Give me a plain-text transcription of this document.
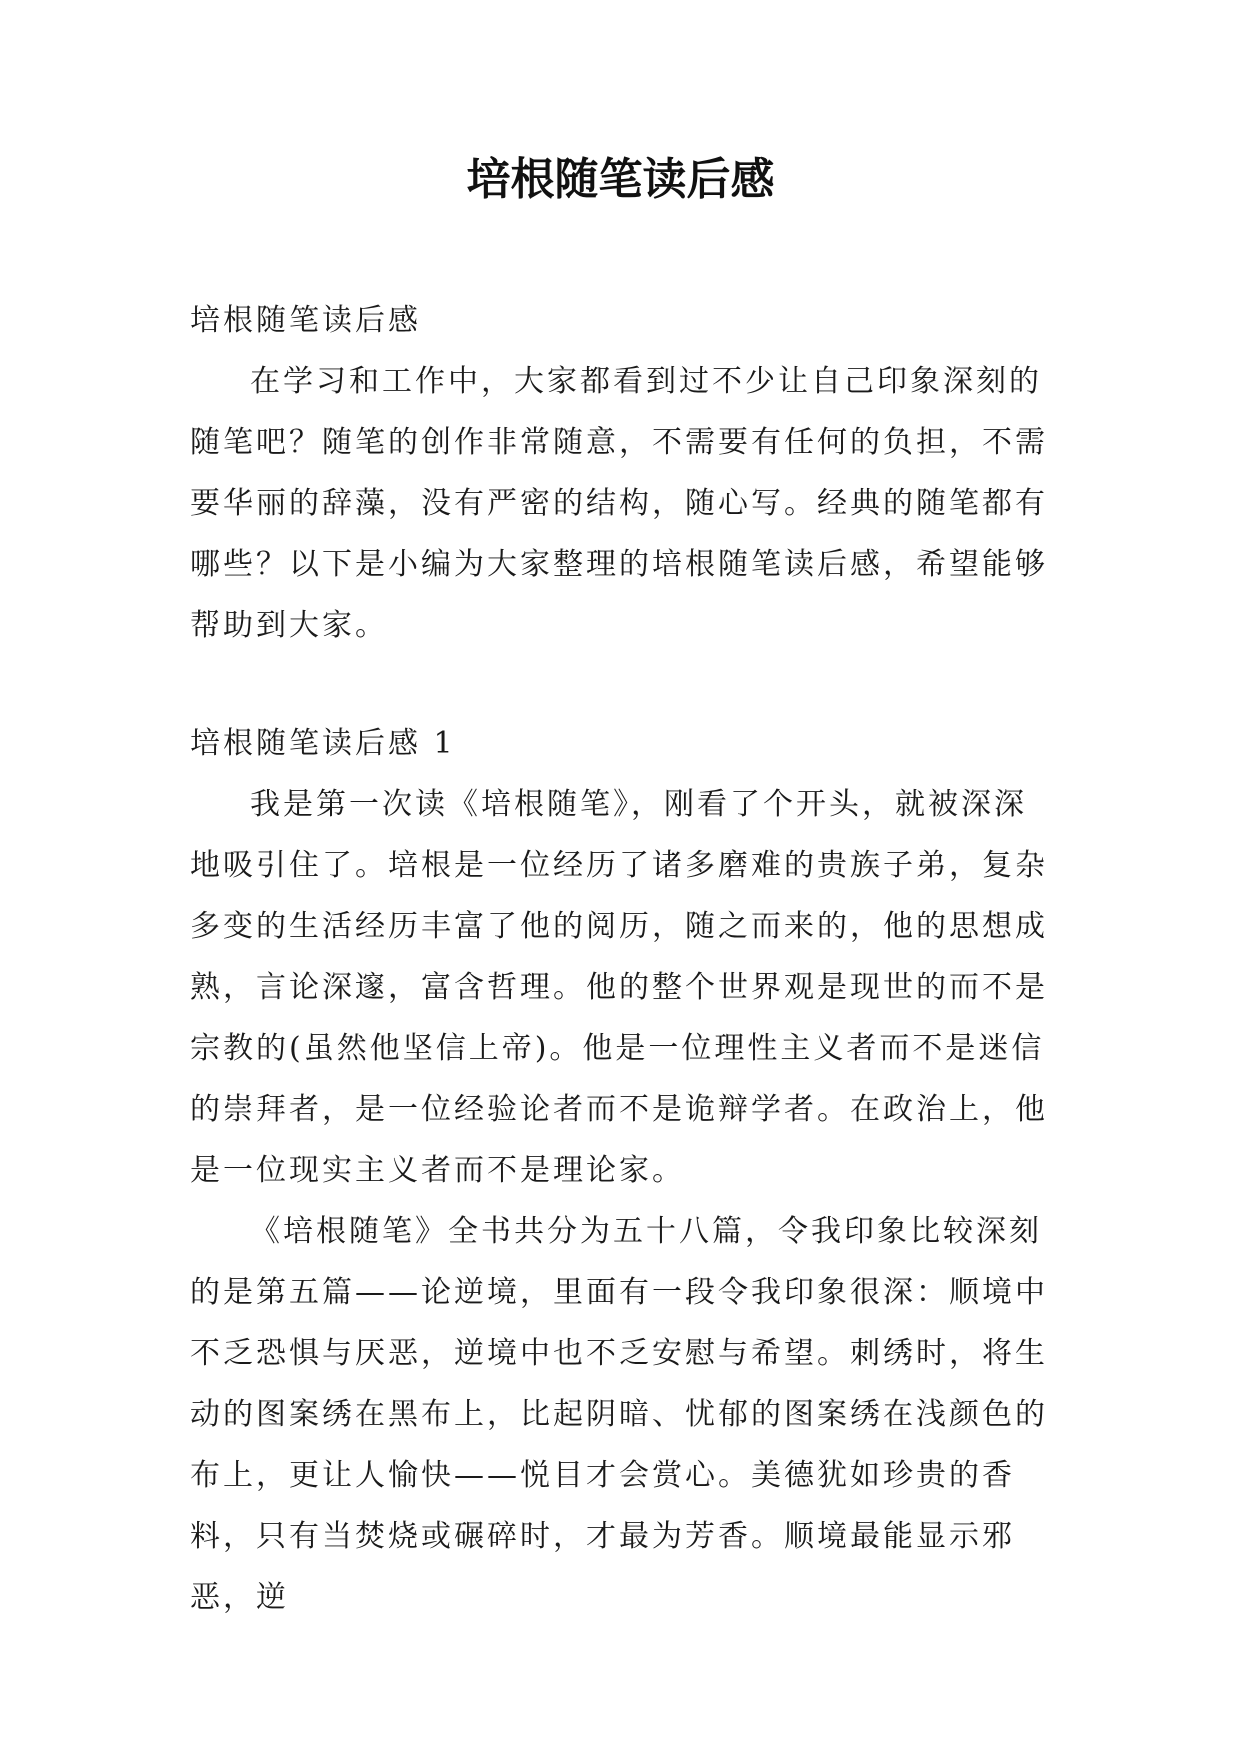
培根随笔读后感

培根随笔读后感

在学习和工作中，大家都看到过不少让自己印象深刻的随笔吧？随笔的创作非常随意，不需要有任何的负担，不需要华丽的辞藻，没有严密的结构，随心写。经典的随笔都有哪些？以下是小编为大家整理的培根随笔读后感，希望能够帮助到大家。

培根随笔读后感 1

我是第一次读《培根随笔》，刚看了个开头，就被深深地吸引住了。培根是一位经历了诸多磨难的贵族子弟，复杂多变的生活经历丰富了他的阅历，随之而来的，他的思想成熟，言论深邃，富含哲理。他的整个世界观是现世的而不是宗教的(虽然他坚信上帝)。他是一位理性主义者而不是迷信的崇拜者，是一位经验论者而不是诡辩学者。在政治上，他是一位现实主义者而不是理论家。

《培根随笔》全书共分为五十八篇，令我印象比较深刻的是第五篇——论逆境，里面有一段令我印象很深：顺境中不乏恐惧与厌恶，逆境中也不乏安慰与希望。刺绣时，将生动的图案绣在黑布上，比起阴暗、忧郁的图案绣在浅颜色的布上，更让人愉快——悦目才会赏心。美德犹如珍贵的香料，只有当焚烧或碾碎时，才最为芳香。顺境最能显示邪恶，逆
